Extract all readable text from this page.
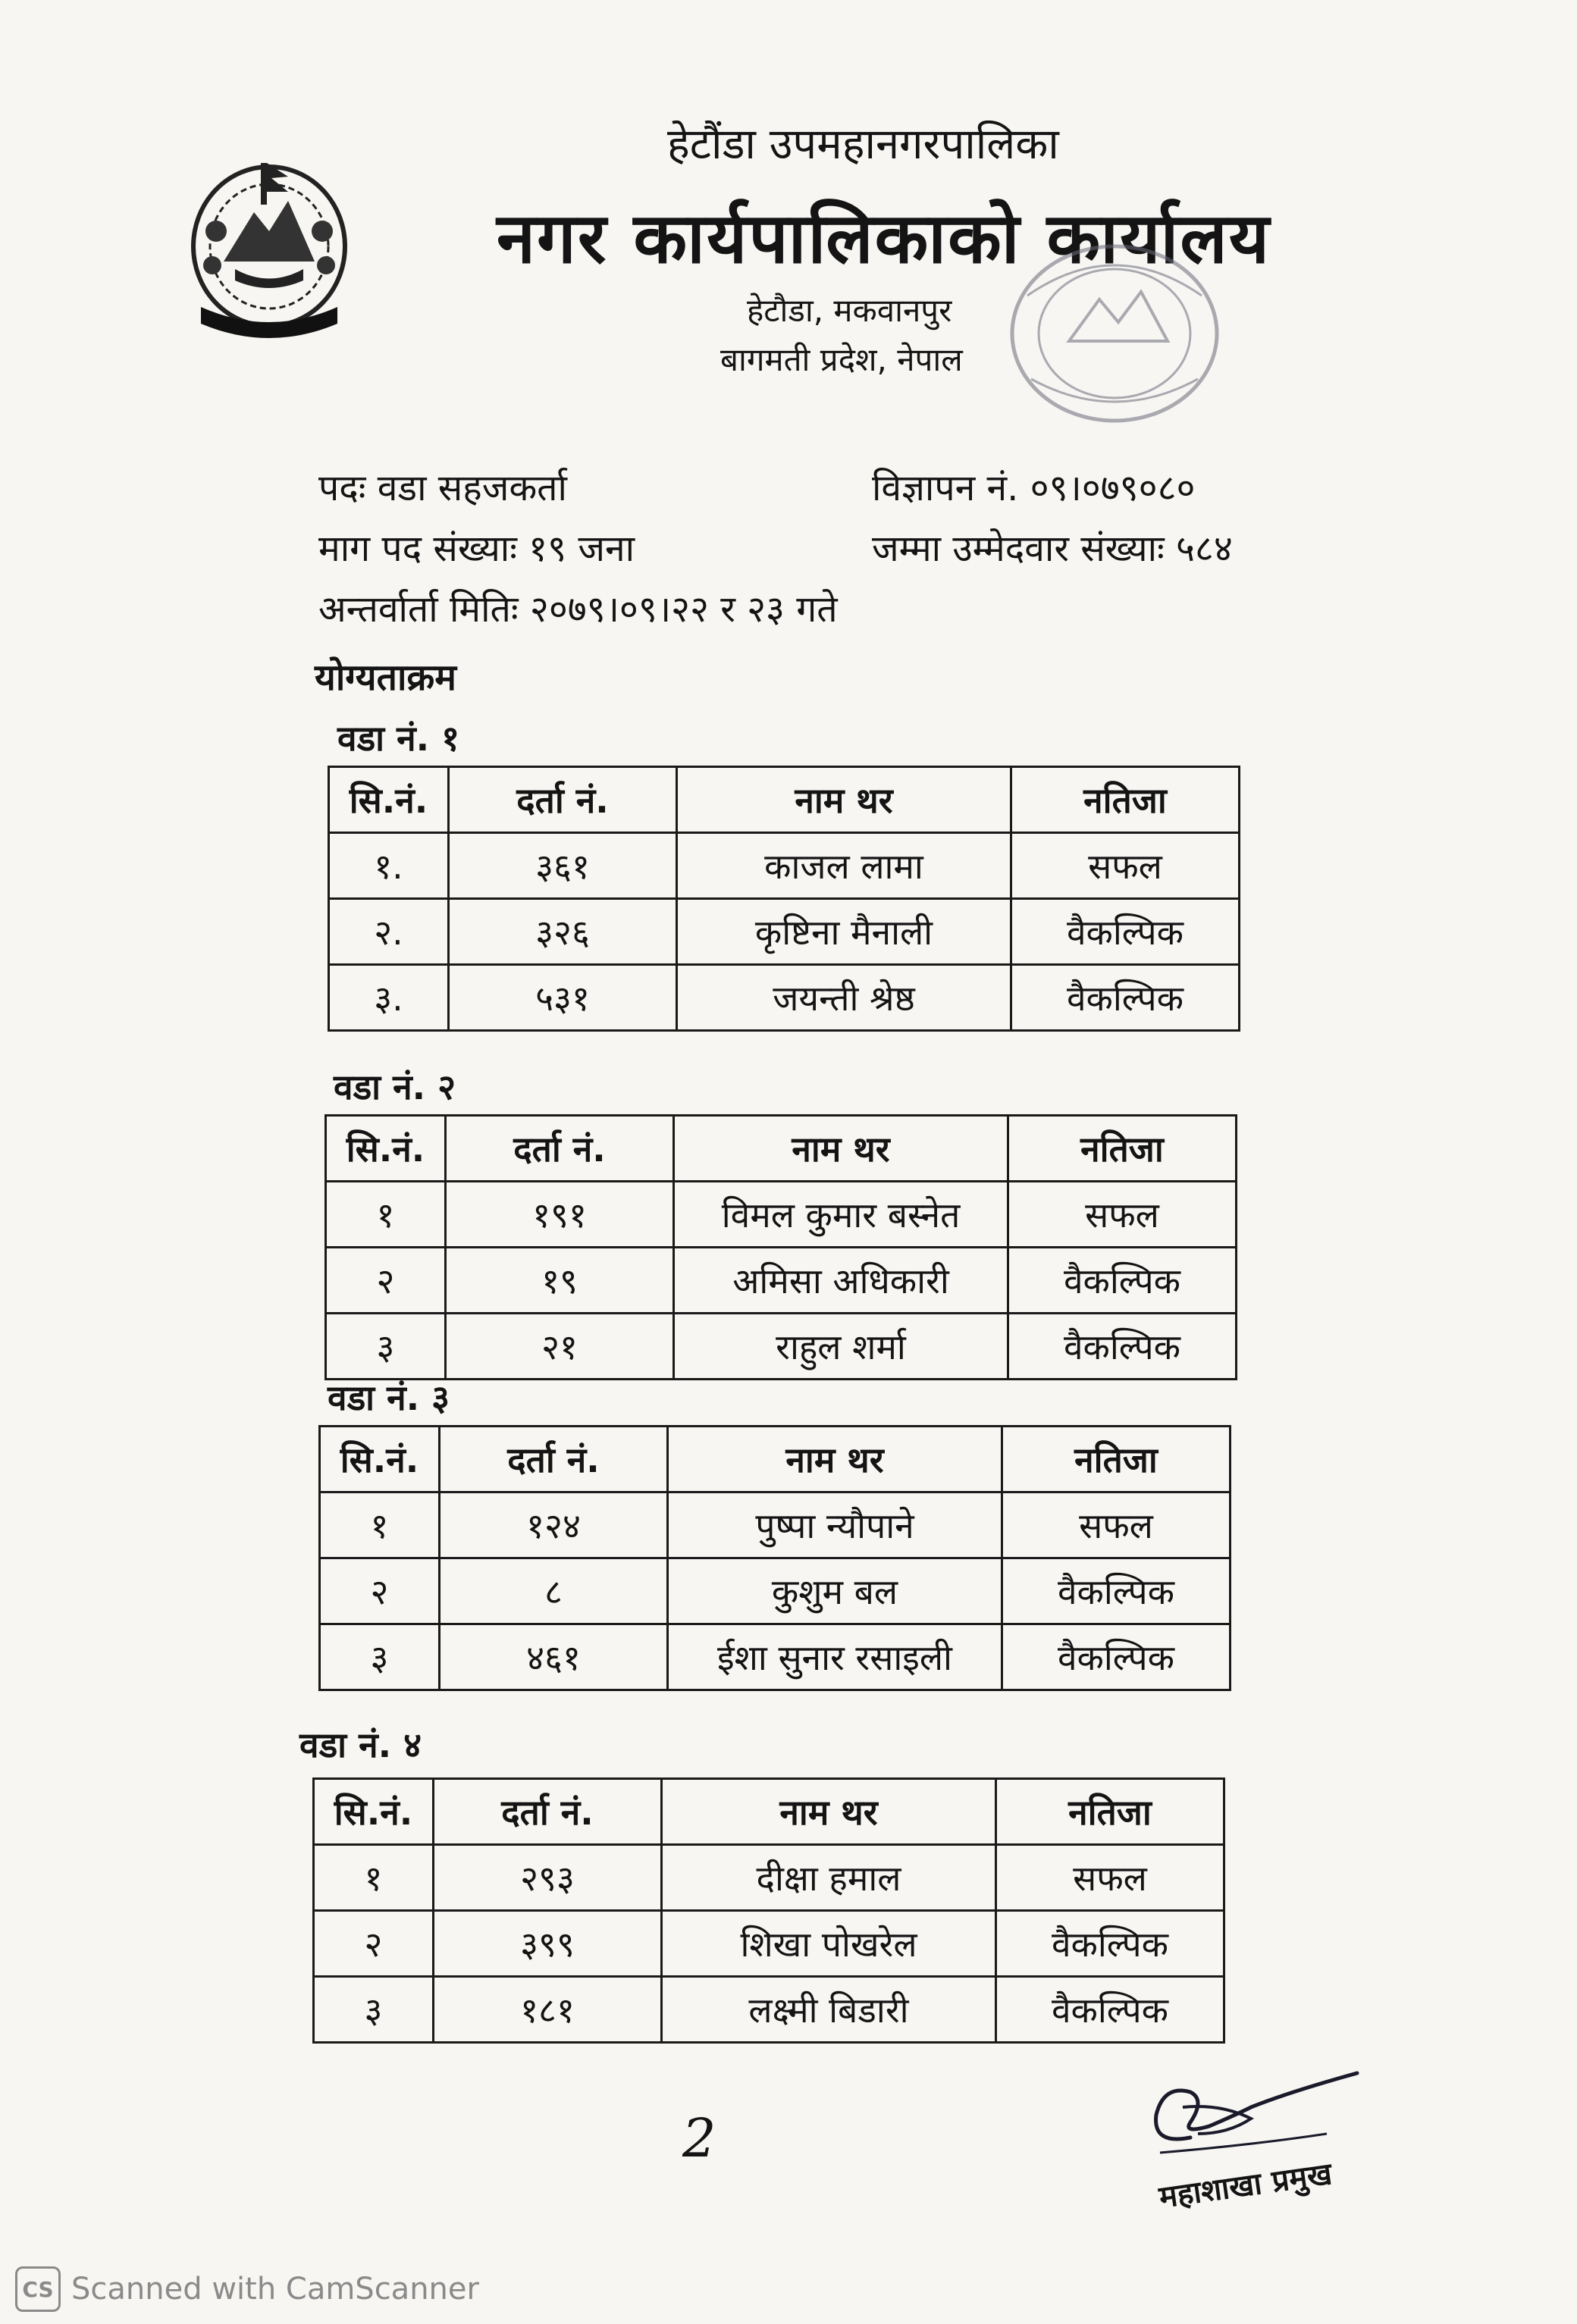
हेटौंडा उपमहानगरपालिका
नगर कार्यपालिकाको कार्यालय
हेटौडा, मकवानपुर
बागमती प्रदेश, नेपाल
पदः वडा सहजकर्ता	विज्ञापन नं. ०९।०७९०८०
माग पद संख्याः १९ जना	जम्मा उम्मेदवार संख्याः ५८४
अन्तर्वार्ता मितिः २०७९।०९।२२ र २३ गते
योग्यताक्रम
वडा नं. १
सि.नं.	दर्ता नं.	नाम थर	नतिजा
१.	३६१	काजल लामा	सफल
२.	३२६	कृष्टिना मैनाली	वैकल्पिक
३.	५३१	जयन्ती श्रेष्ठ	वैकल्पिक
वडा नं. २
सि.नं.	दर्ता नं.	नाम थर	नतिजा
१	१९१	विमल कुमार बस्नेत	सफल
२	१९	अमिसा अधिकारी	वैकल्पिक
३	२१	राहुल शर्मा	वैकल्पिक
वडा नं. ३
सि.नं.	दर्ता नं.	नाम थर	नतिजा
१	१२४	पुष्पा न्यौपाने	सफल
२	८	कुशुम बल	वैकल्पिक
३	४६१	ईशा सुनार रसाइली	वैकल्पिक
वडा नं. ४
सि.नं.	दर्ता नं.	नाम थर	नतिजा
१	२९३	दीक्षा हमाल	सफल
२	३९९	शिखा पोखरेल	वैकल्पिक
३	१८१	लक्ष्मी बिडारी	वैकल्पिक
2
महाशाखा प्रमुख
CS Scanned with CamScanner
